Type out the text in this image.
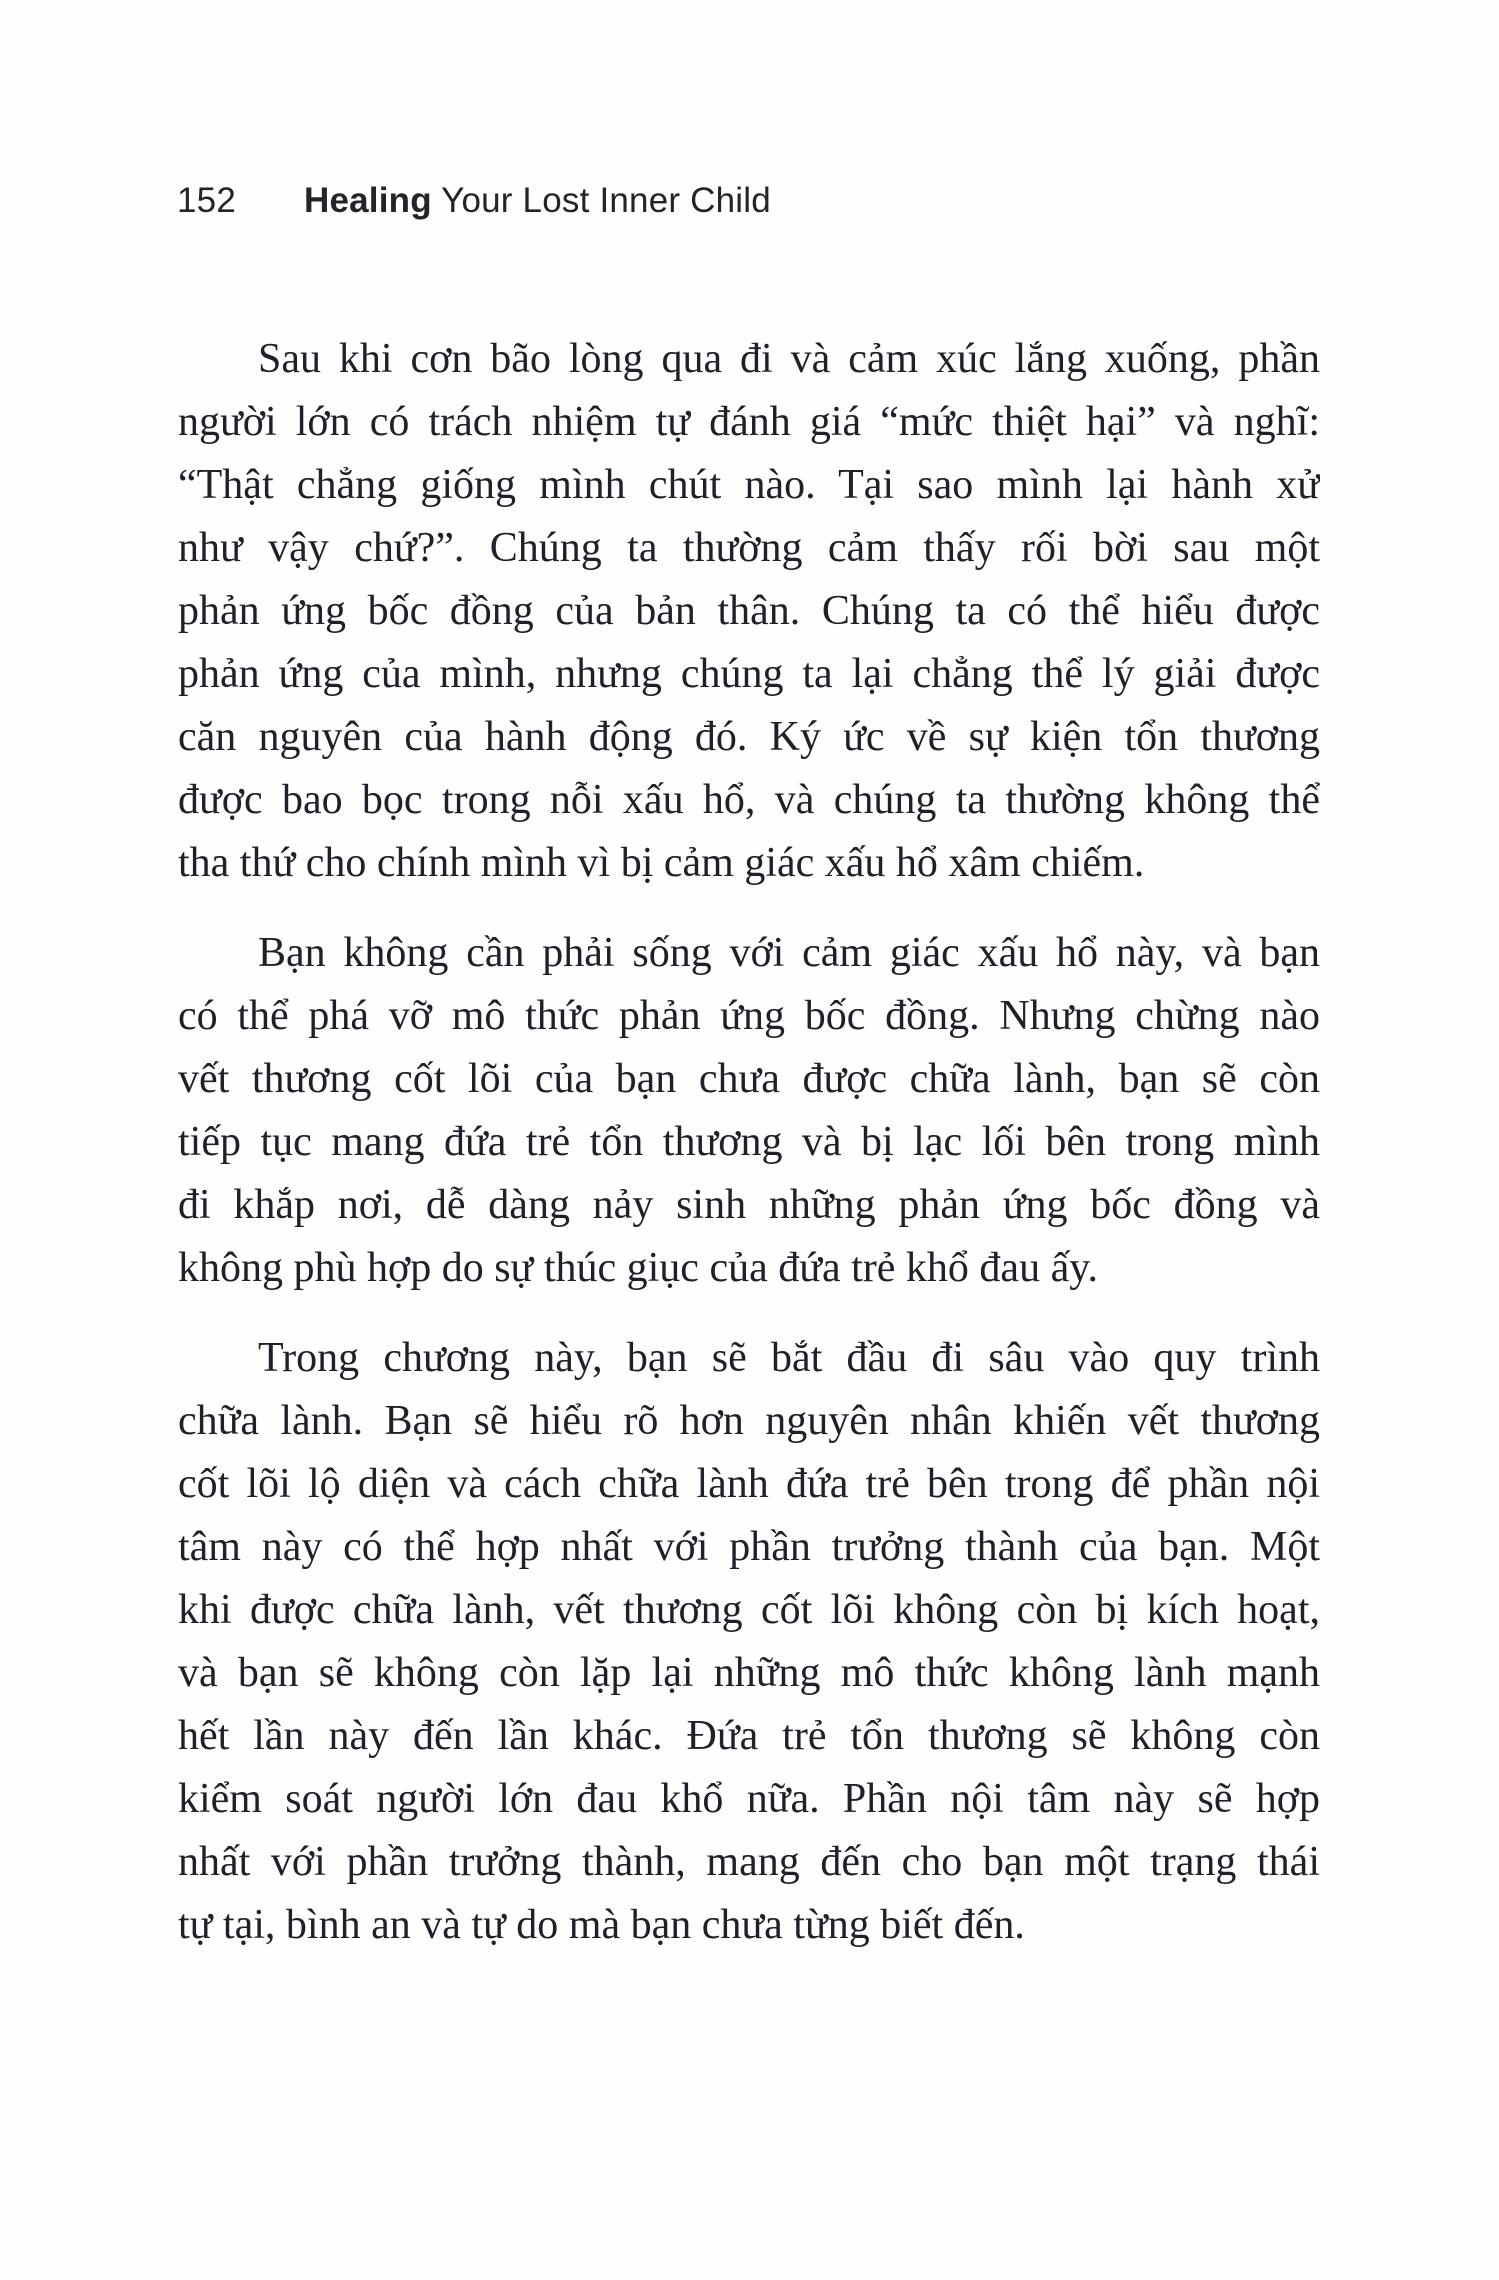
152 Healing Your Lost Inner Child
Sau khi cơn bão lòng qua đi và cảm xúc lắng xuống, phần
người lớn có trách nhiệm tự đánh giá “mức thiệt hại” và nghĩ:
“Thật chẳng giống mình chút nào. Tại sao mình lại hành xử
như vậy chứ?”. Chúng ta thường cảm thấy rối bời sau một
phản ứng bốc đồng của bản thân. Chúng ta có thể hiểu được
phản ứng của mình, nhưng chúng ta lại chẳng thể lý giải được
căn nguyên của hành động đó. Ký ức về sự kiện tổn thương
được bao bọc trong nỗi xấu hổ, và chúng ta thường không thể
tha thứ cho chính mình vì bị cảm giác xấu hổ xâm chiếm.
Bạn không cần phải sống với cảm giác xấu hổ này, và bạn
có thể phá vỡ mô thức phản ứng bốc đồng. Nhưng chừng nào
vết thương cốt lõi của bạn chưa được chữa lành, bạn sẽ còn
tiếp tục mang đứa trẻ tổn thương và bị lạc lối bên trong mình
đi khắp nơi, dễ dàng nảy sinh những phản ứng bốc đồng và
không phù hợp do sự thúc giục của đứa trẻ khổ đau ấy.
Trong chương này, bạn sẽ bắt đầu đi sâu vào quy trình
chữa lành. Bạn sẽ hiểu rõ hơn nguyên nhân khiến vết thương
cốt lõi lộ diện và cách chữa lành đứa trẻ bên trong để phần nội
tâm này có thể hợp nhất với phần trưởng thành của bạn. Một
khi được chữa lành, vết thương cốt lõi không còn bị kích hoạt,
và bạn sẽ không còn lặp lại những mô thức không lành mạnh
hết lần này đến lần khác. Đứa trẻ tổn thương sẽ không còn
kiểm soát người lớn đau khổ nữa. Phần nội tâm này sẽ hợp
nhất với phần trưởng thành, mang đến cho bạn một trạng thái
tự tại, bình an và tự do mà bạn chưa từng biết đến.
